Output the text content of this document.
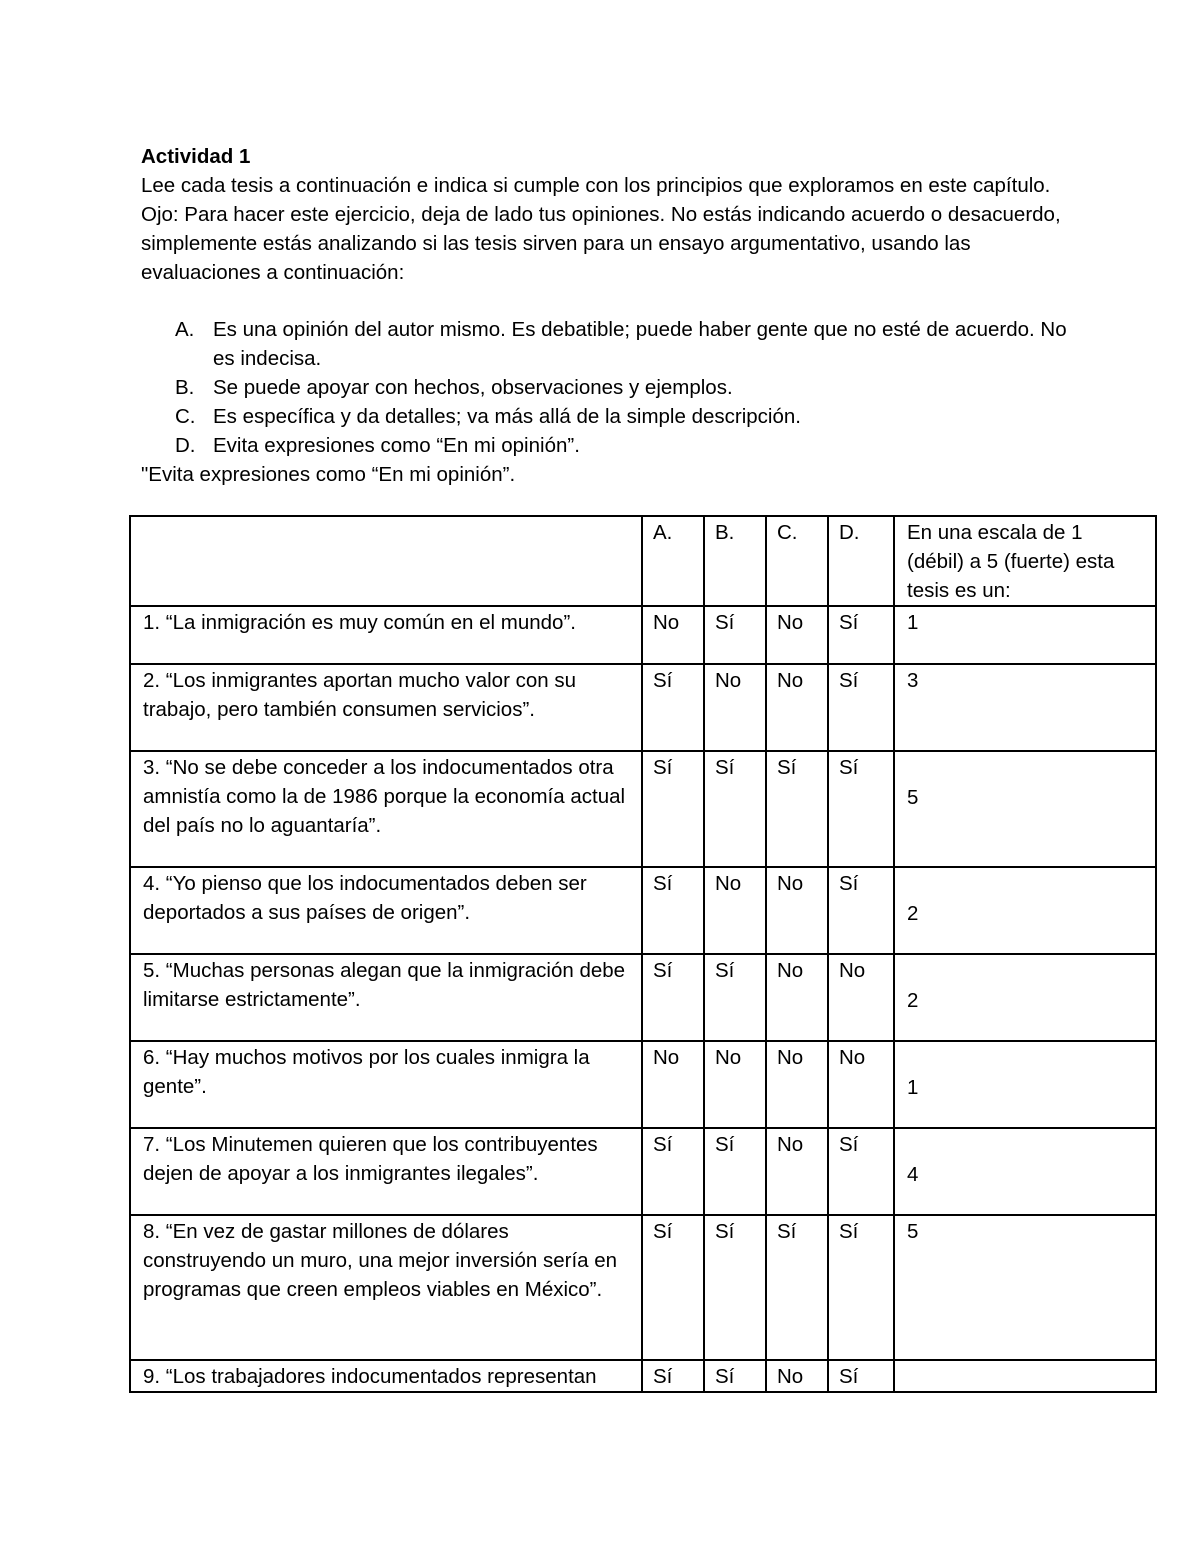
Actividad 1

Lee cada tesis a continuación e indica si cumple con los principios que exploramos en este capítulo. Ojo: Para hacer este ejercicio, deja de lado tus opiniones. No estás indicando acuerdo o desacuerdo, simplemente estás analizando si las tesis sirven para un ensayo argumentativo, usando las evaluaciones a continuación:

A. Es una opinión del autor mismo. Es debatible; puede haber gente que no esté de acuerdo. No es indecisa.
B. Se puede apoyar con hechos, observaciones y ejemplos.
C. Es específica y da detalles; va más allá de la simple descripción.
D. Evita expresiones como “En mi opinión”.

"Evita expresiones como “En mi opinión”.

	A.	B.	C.	D.	En una escala de 1 (débil) a 5 (fuerte) esta tesis es un:
1. “La inmigración es muy común en el mundo”.	No	Sí	No	Sí	1
2. “Los inmigrantes aportan mucho valor con su trabajo, pero también consumen servicios”.	Sí	No	No	Sí	3
3. “No se debe conceder a los indocumentados otra amnistía como la de 1986 porque la economía actual del país no lo aguantaría”.	Sí	Sí	Sí	Sí	5

4. “Yo pienso que los indocumentados deben ser deportados a sus países de origen”.	Sí	No	No	Sí	2

5. “Muchas personas alegan que la inmigración debe limitarse estrictamente”.	Sí	Sí	No	No	2

6. “Hay muchos motivos por los cuales inmigra la gente”.	No	No	No	No	1

7. “Los Minutemen quieren que los contribuyentes dejen de apoyar a los inmigrantes ilegales”.	Sí	Sí	No	Sí	4

8. “En vez de gastar millones de dólares construyendo un muro, una mejor inversión sería en programas que creen empleos viables en México”.	Sí	Sí	Sí	Sí	5
9. “Los trabajadores indocumentados representan	Sí	Sí	No	Sí	
